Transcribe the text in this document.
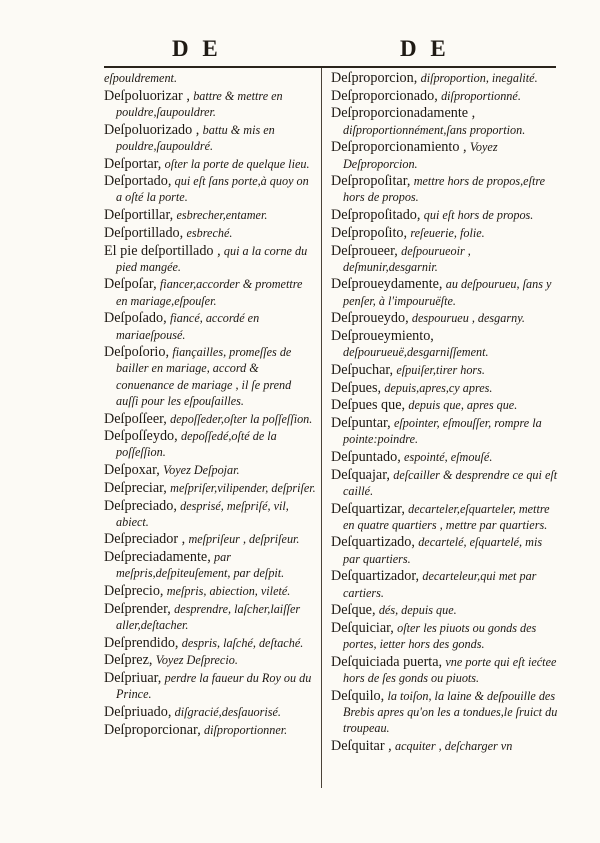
D E	D E
eſpouldrement.
Deſpoluorizar , battre & mettre en pouldre,ſaupouldrer.
Deſpoluorizado , battu & mis en pouldre,ſaupouldré.
Deſportar, oſter la porte de quelque lieu.
Deſportado, qui eſt ſans porte,à quoy on a oſté la porte.
Deſportillar, esbrecher,entamer.
Deſportillado, esbreché.
El pie deſportillado , qui a la corne du pied mangée.
Deſpoſar, fiancer,accorder & promettre en mariage,eſpouſer.
Deſpoſado, fiancé, accordé en mariaeſpousé.
Deſpoſorio, fiançailles, promeſſes de bailler en mariage, accord & conuenance de mariage , il ſe prend auſſi pour les eſpouſailles.
Deſpoſſeer, depoſſeder,oſter la poſſeſſion.
Deſpoſſeydo, depoſſedé,oſté de la poſſeſſion.
Deſpoxar, Voyez Deſpojar.
Deſpreciar, meſpriſer,vilipender, deſpriſer.
Deſpreciado, desprisé, meſpriſé, vil, abiect.
Deſpreciador , meſpriſeur , deſpriſeur.
Deſpreciadamente, par meſpris,deſpiteuſement, par deſpit.
Deſprecio, meſpris, abiection, vileté.
Deſprender, desprendre, laſcher,laiſſer aller,deſtacher.
Deſprendido, despris, laſché, deſtaché.
Deſprez, Voyez Deſprecio.
Deſpriuar, perdre la faueur du Roy ou du Prince.
Deſpriuado, diſgracié,desſauorisé.
Deſproporcionar, diſproportionner.
Deſproporcion, diſproportion, inegalité.
Deſproporcionado, diſproportionné.
Deſproporcionadamente , diſproportionnément,ſans proportion.
Deſproporcionamiento , Voyez Deſproporcion.
Deſpropoſitar, mettre hors de propos,eſtre hors de propos.
Deſpropoſitado, qui eſt hors de propos.
Deſpropoſito, reſeuerie, folie.
Deſproueer, deſpourueoir , deſmunir,desgarnir.
Deſproueydamente, au deſpourueu, ſans y penſer, à l'impouruëſte.
Deſproueydo, despourueu , desgarny.
Deſproueymiento, deſpourueuë,desgarniſſement.
Deſpuchar, eſpuiſer,tirer hors.
Deſpues, depuis,apres,cy apres.
Deſpues que, depuis que, apres que.
Deſpuntar, eſpointer, eſmouſſer, rompre la pointe:poindre.
Deſpuntado, espointé, eſmouſé.
Deſquajar, deſcailler & desprendre ce qui eſt caillé.
Deſquartizar, decarteler,eſquarteler, mettre en quatre quartiers , mettre par quartiers.
Deſquartizado, decartelé, eſquartelé, mis par quartiers.
Deſquartizador, decarteleur,qui met par cartiers.
Deſque, dés, depuis que.
Deſquiciar, oſter les piuots ou gonds des portes, ietter hors des gonds.
Deſquiciada puerta, vne porte qui eſt iećtee hors de ſes gonds ou piuots.
Deſquilo, la toiſon, la laine & deſpouille des Brebis apres qu'on les a tondues,le ſruict du troupeau.
Deſquitar , acquiter , deſcharger vn
